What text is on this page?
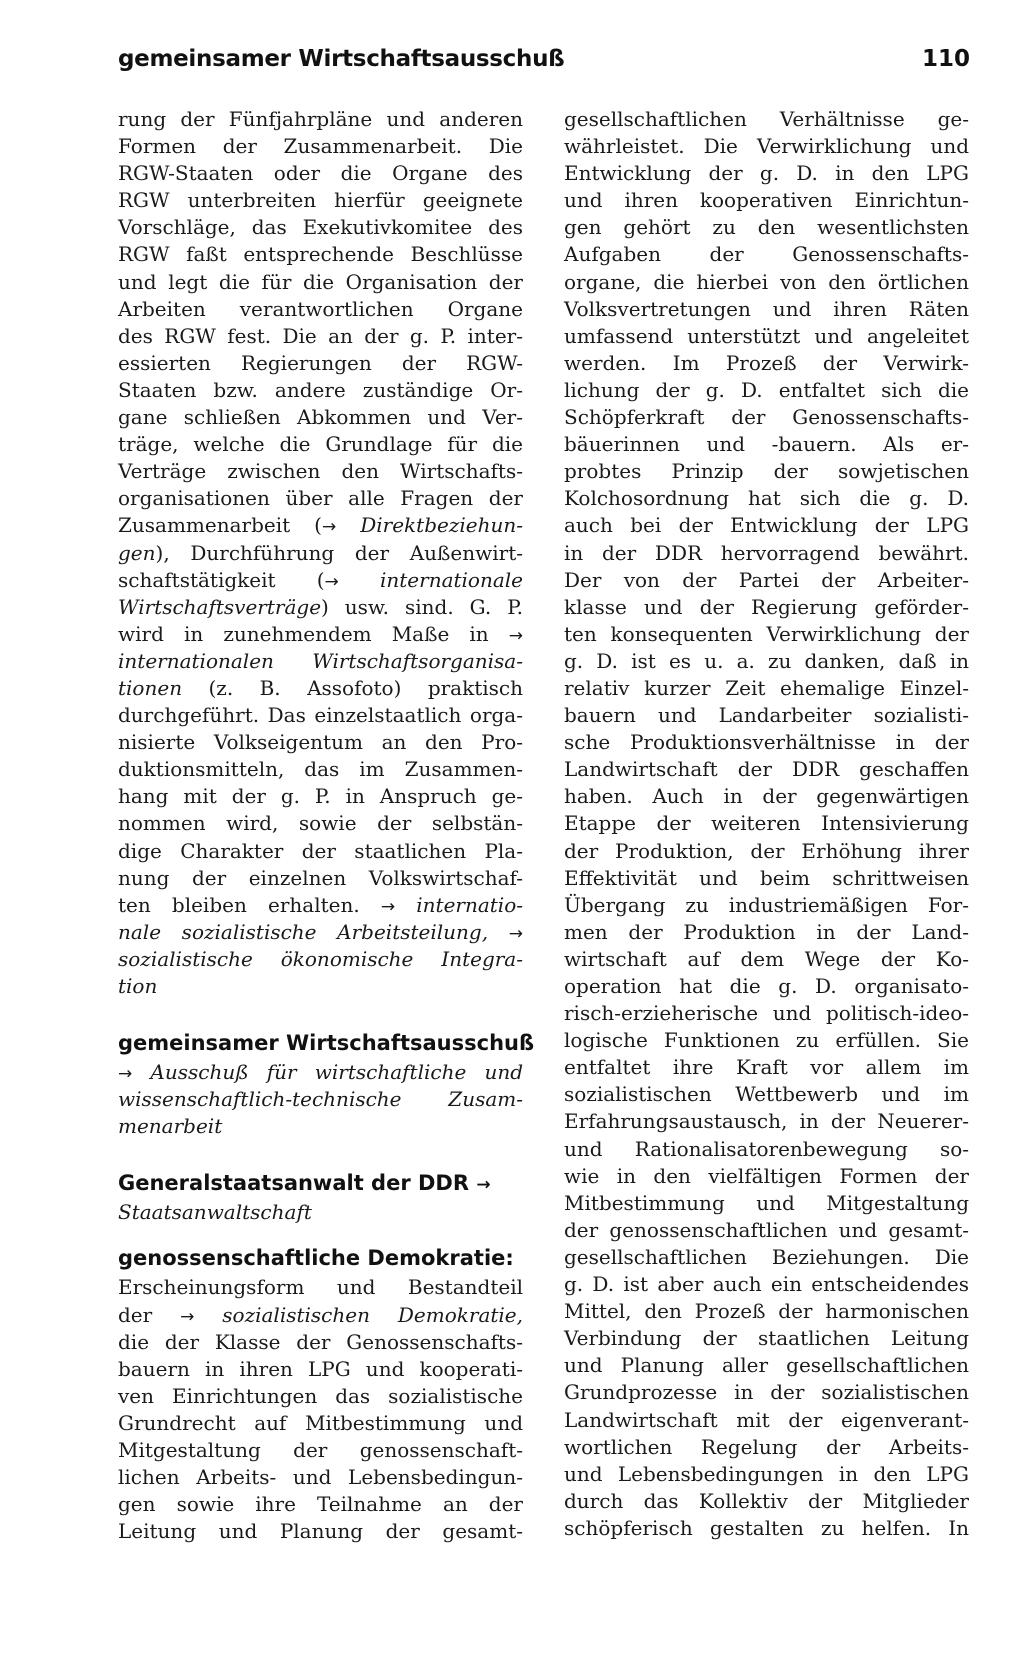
gemeinsamer Wirtschaftsausschuß	110
rung der Fünfjahrpläne und anderen
Formen der Zusammenarbeit. Die
RGW-Staaten oder die Organe des
RGW unterbreiten hierfür geeignete
Vorschläge, das Exekutivkomitee des
RGW faßt entsprechende Beschlüsse
und legt die für die Organisation der
Arbeiten verantwortlichen Organe
des RGW fest. Die an der g. P. inter-
essierten Regierungen der RGW-
Staaten bzw. andere zuständige Or-
gane schließen Abkommen und Ver-
träge, welche die Grundlage für die
Verträge zwischen den Wirtschafts-
organisationen über alle Fragen der
Zusammenarbeit (→ Direktbeziehun-
gen), Durchführung der Außenwirt-
schaftstätigkeit (→ internationale
Wirtschaftsverträge) usw. sind. G. P.
wird in zunehmendem Maße in →
internationalen Wirtschaftsorganisa-
tionen (z. B. Assofoto) praktisch
durchgeführt. Das einzelstaatlich orga-
nisierte Volkseigentum an den Pro-
duktionsmitteln, das im Zusammen-
hang mit der g. P. in Anspruch ge-
nommen wird, sowie der selbstän-
dige Charakter der staatlichen Pla-
nung der einzelnen Volkswirtschaf-
ten bleiben erhalten. → internatio-
nale sozialistische Arbeitsteilung, →
sozialistische ökonomische Integra-
tion
gemeinsamer Wirtschaftsausschuß
→ Ausschuß für wirtschaftliche und
wissenschaftlich-technische Zusam-
menarbeit
Generalstaatsanwalt der DDR →
Staatsanwaltschaft
genossenschaftliche Demokratie:
Erscheinungsform und Bestandteil
der → sozialistischen Demokratie,
die der Klasse der Genossenschafts-
bauern in ihren LPG und kooperati-
ven Einrichtungen das sozialistische
Grundrecht auf Mitbestimmung und
Mitgestaltung der genossenschaft-
lichen Arbeits- und Lebensbedingun-
gen sowie ihre Teilnahme an der
Leitung und Planung der gesamt-
gesellschaftlichen Verhältnisse ge-
währleistet. Die Verwirklichung und
Entwicklung der g. D. in den LPG
und ihren kooperativen Einrichtun-
gen gehört zu den wesentlichsten
Aufgaben der Genossenschafts-
organe, die hierbei von den örtlichen
Volksvertretungen und ihren Räten
umfassend unterstützt und angeleitet
werden. Im Prozeß der Verwirk-
lichung der g. D. entfaltet sich die
Schöpferkraft der Genossenschafts-
bäuerinnen und -bauern. Als er-
probtes Prinzip der sowjetischen
Kolchosordnung hat sich die g. D.
auch bei der Entwicklung der LPG
in der DDR hervorragend bewährt.
Der von der Partei der Arbeiter-
klasse und der Regierung geförder-
ten konsequenten Verwirklichung der
g. D. ist es u. a. zu danken, daß in
relativ kurzer Zeit ehemalige Einzel-
bauern und Landarbeiter sozialisti-
sche Produktionsverhältnisse in der
Landwirtschaft der DDR geschaffen
haben. Auch in der gegenwärtigen
Etappe der weiteren Intensivierung
der Produktion, der Erhöhung ihrer
Effektivität und beim schrittweisen
Übergang zu industriemäßigen For-
men der Produktion in der Land-
wirtschaft auf dem Wege der Ko-
operation hat die g. D. organisato-
risch-erzieherische und politisch-ideo-
logische Funktionen zu erfüllen. Sie
entfaltet ihre Kraft vor allem im
sozialistischen Wettbewerb und im
Erfahrungsaustausch, in der Neuerer-
und Rationalisatorenbewegung so-
wie in den vielfältigen Formen der
Mitbestimmung und Mitgestaltung
der genossenschaftlichen und gesamt-
gesellschaftlichen Beziehungen. Die
g. D. ist aber auch ein entscheidendes
Mittel, den Prozeß der harmonischen
Verbindung der staatlichen Leitung
und Planung aller gesellschaftlichen
Grundprozesse in der sozialistischen
Landwirtschaft mit der eigenverant-
wortlichen Regelung der Arbeits-
und Lebensbedingungen in den LPG
durch das Kollektiv der Mitglieder
schöpferisch gestalten zu helfen. In
